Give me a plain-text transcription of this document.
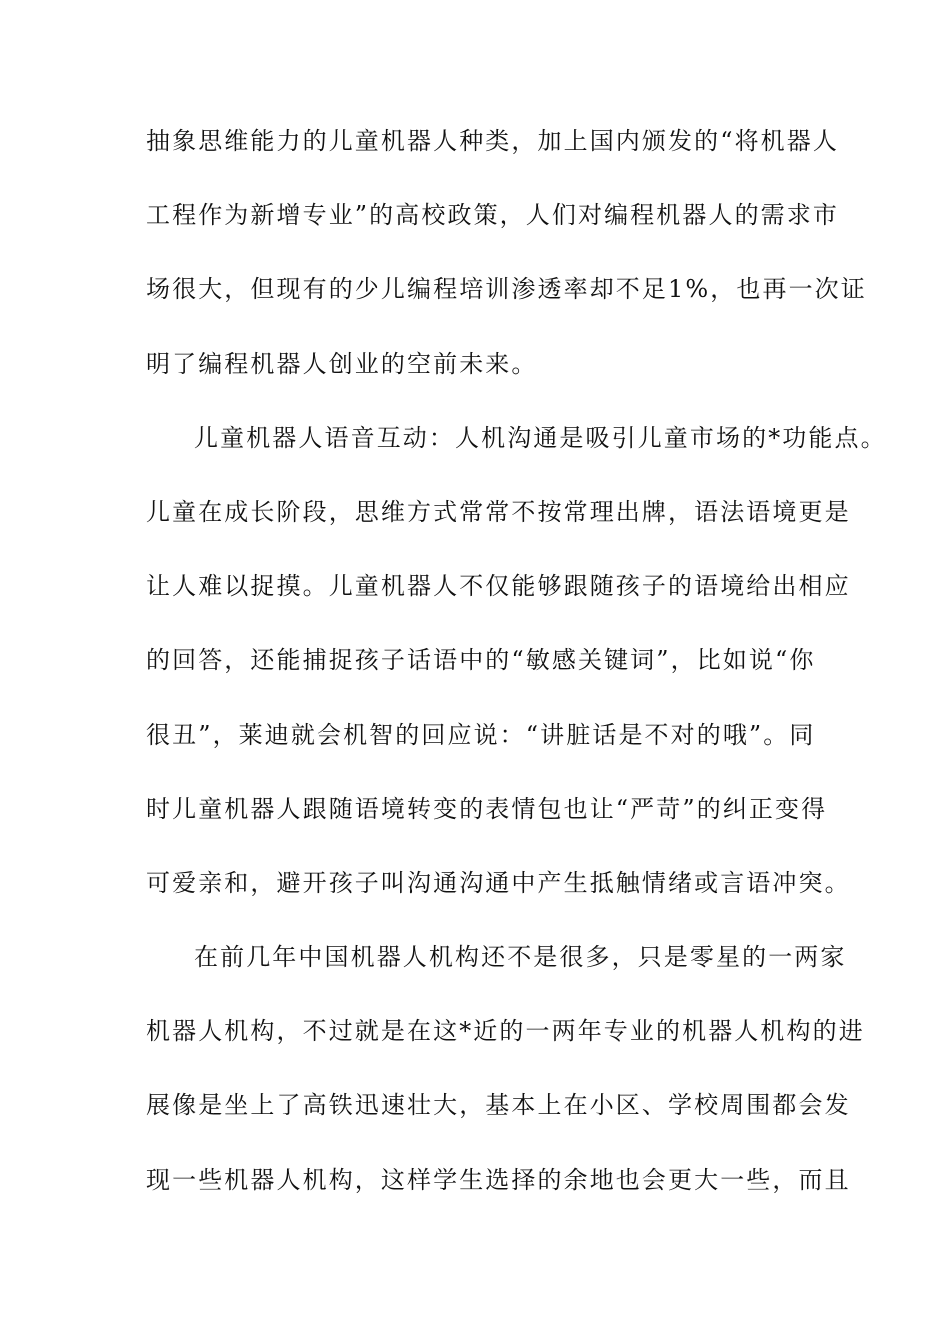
抽象思维能力的儿童机器人种类，加上国内颁发的“将机器人
工程作为新增专业”的高校政策，人们对编程机器人的需求市
场很大，但现有的少儿编程培训渗透率却不足1%，也再一次证
明了编程机器人创业的空前未来。
儿童机器人语音互动：人机沟通是吸引儿童市场的*功能点。
儿童在成长阶段，思维方式常常不按常理出牌，语法语境更是
让人难以捉摸。儿童机器人不仅能够跟随孩子的语境给出相应
的回答，还能捕捉孩子话语中的“敏感关键词”，比如说“你
很丑”，莱迪就会机智的回应说：“讲脏话是不对的哦”。同
时儿童机器人跟随语境转变的表情包也让“严苛”的纠正变得
可爱亲和，避开孩子叫沟通沟通中产生抵触情绪或言语冲突。
在前几年中国机器人机构还不是很多，只是零星的一两家
机器人机构，不过就是在这*近的一两年专业的机器人机构的进
展像是坐上了高铁迅速壮大，基本上在小区、学校周围都会发
现一些机器人机构，这样学生选择的余地也会更大一些，而且
